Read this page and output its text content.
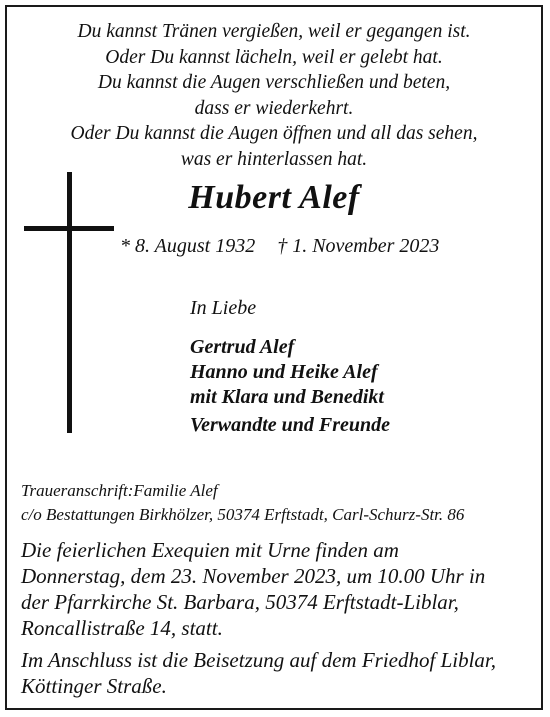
Du kannst Tränen vergießen, weil er gegangen ist.
Oder Du kannst lächeln, weil er gelebt hat.
Du kannst die Augen verschließen und beten,
dass er wiederkehrt.
Oder Du kannst die Augen öffnen und all das sehen,
was er hinterlassen hat.
Hubert Alef
* 8. August 1932 † 1. November 2023
In Liebe
Gertrud Alef
Hanno und Heike Alef
mit Klara und Benedikt
Verwandte und Freunde
Traueranschrift:Familie Alef
c/o Bestattungen Birkhölzer, 50374 Erftstadt, Carl-Schurz-Str. 86
Die feierlichen Exequien mit Urne finden am
Donnerstag, dem 23. November 2023, um 10.00 Uhr in
der Pfarrkirche St. Barbara, 50374 Erftstadt-Liblar,
Roncallistraße 14, statt.
Im Anschluss ist die Beisetzung auf dem Friedhof Liblar,
Köttinger Straße.
